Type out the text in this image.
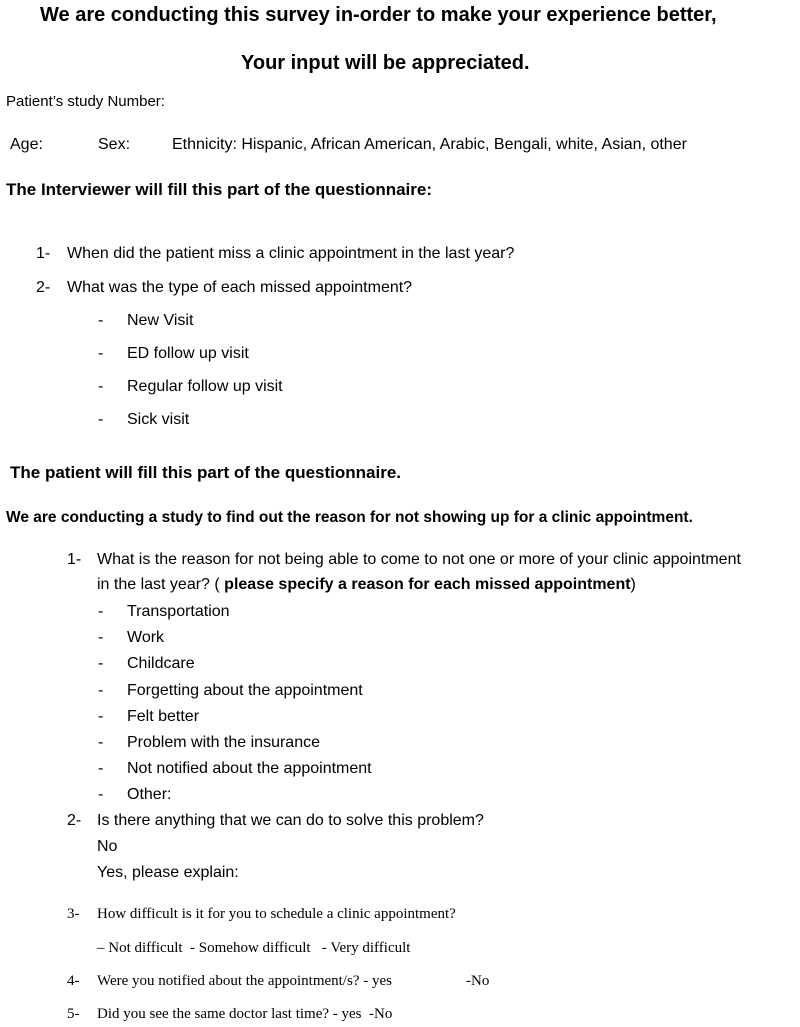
We are conducting this survey in-order to make your experience better,
Your input will be appreciated.
Patient’s study Number:
Age:	Sex:	Ethnicity: Hispanic, African American, Arabic, Bengali, white, Asian, other
The Interviewer will fill this part of the questionnaire:
1- When did the patient miss a clinic appointment in the last year?
2- What was the type of each missed appointment?
- New Visit
- ED follow up visit
- Regular follow up visit
- Sick visit
The patient will fill this part of the questionnaire.
We are conducting a study to find out the reason for not showing up for a clinic appointment.
1- What is the reason for not being able to come to not one or more of your clinic appointment
in the last year? ( please specify a reason for each missed appointment)
- Transportation
- Work
- Childcare
- Forgetting about the appointment
- Felt better
- Problem with the insurance
- Not notified about the appointment
- Other:
2- Is there anything that we can do to solve this problem?
No
Yes, please explain:
3- How difficult is it for you to schedule a clinic appointment?
– Not difficult  - Somehow difficult   - Very difficult
4- Were you notified about the appointment/s? - yes	-No
5- Did you see the same doctor last time? - yes  -No
